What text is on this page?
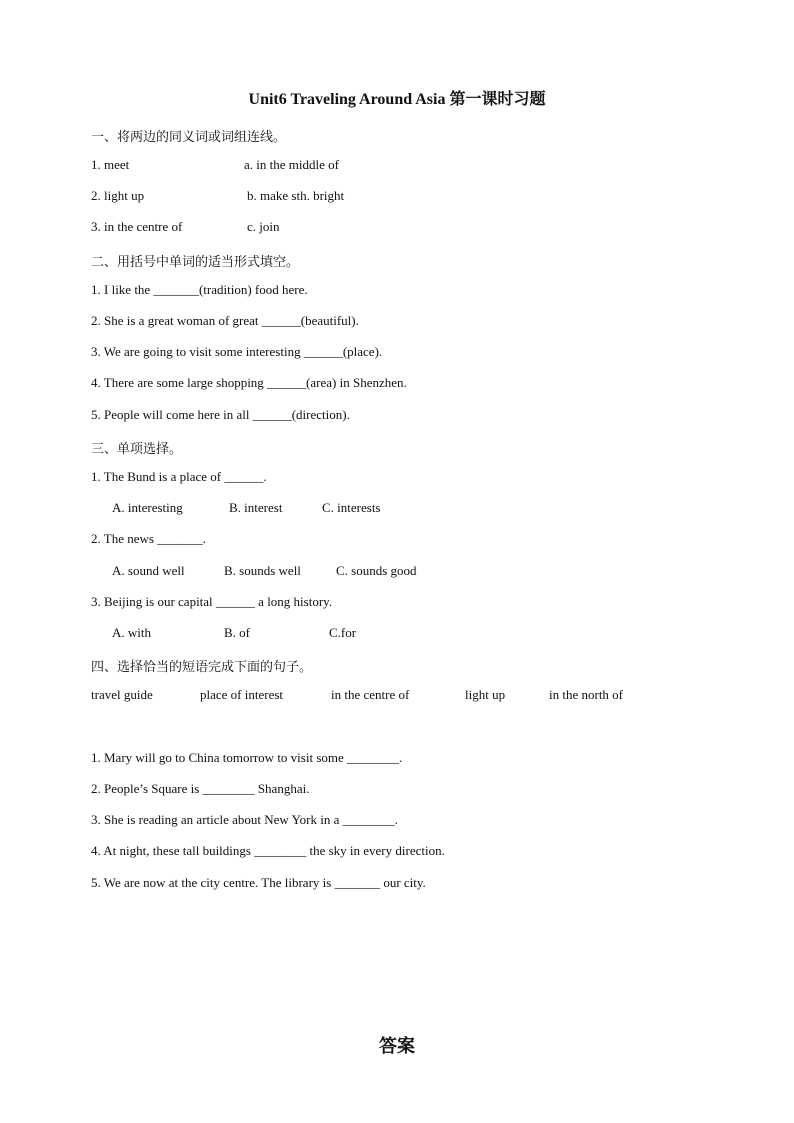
Unit6 Traveling Around Asia 第一课时习题
一、将两边的同义词或词组连线。
1. meet	a. in the middle of
2. light up	b. make sth. bright
3. in the centre of	c. join
二、用括号中单词的适当形式填空。
1. I like the _______(tradition) food here.
2. She is a great woman of great ______(beautiful).
3. We are going to visit some interesting ______(place).
4. There are some large shopping ______(area) in Shenzhen.
5. People will come here in all ______(direction).
三、单项选择。
1. The Bund is a place of ______.
A. interesting	B. interest	C. interests
2. The news _______.
A. sound well	B. sounds well	C. sounds good
3. Beijing is our capital ______ a long history.
A. with	B. of	C.for
四、选择恰当的短语完成下面的句子。
travel guide	place of interest	in the centre of	light up	in the north of
1. Mary will go to China tomorrow to visit some ________.
2. People’s Square is ________ Shanghai.
3. She is reading an article about New York in a ________.
4. At night, these tall buildings ________ the sky in every direction.
5. We are now at the city centre. The library is _______ our city.
答案
